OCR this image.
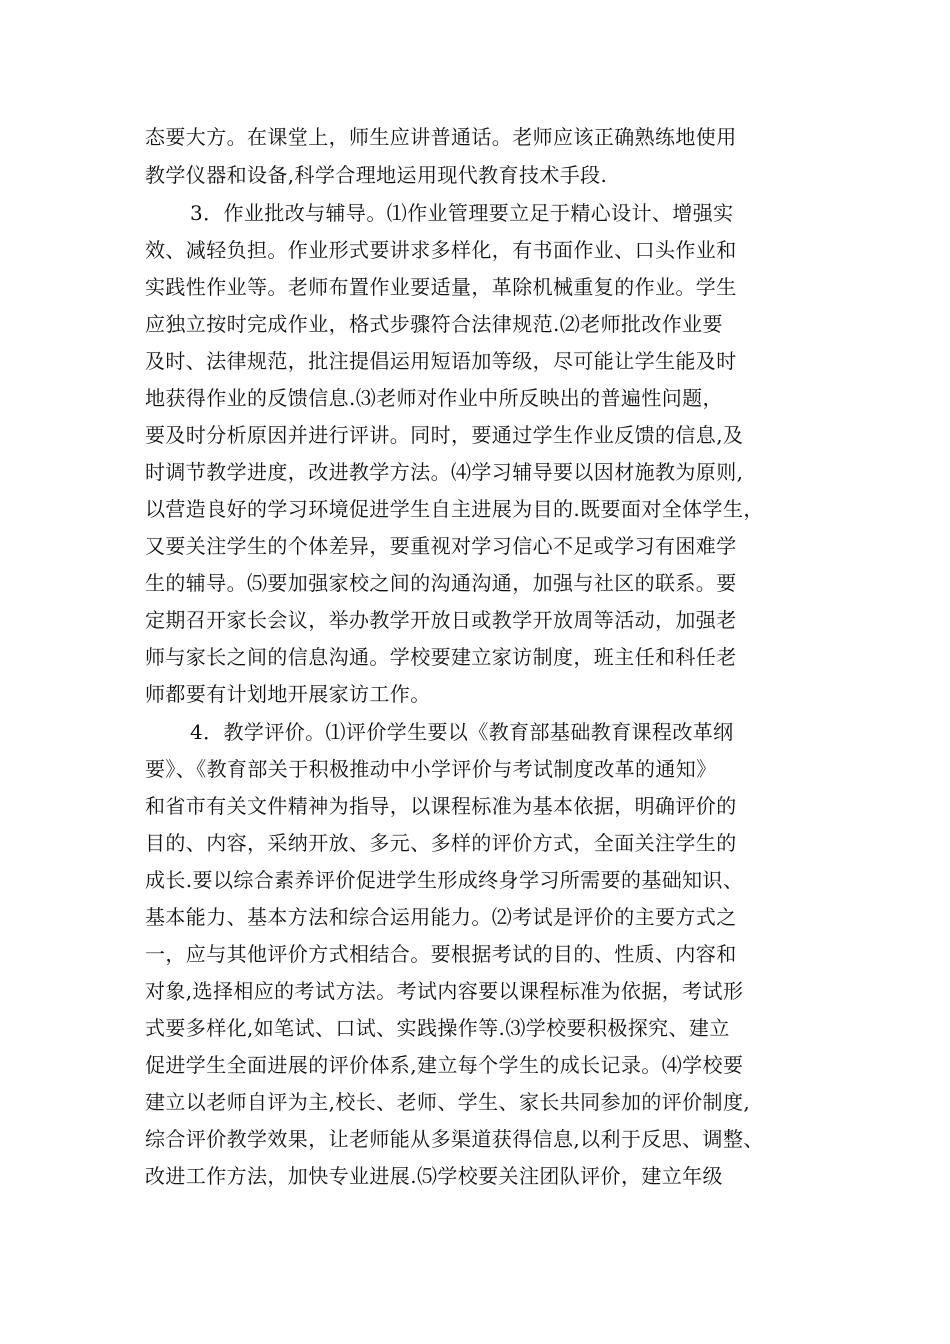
态要大方。在课堂上，师生应讲普通话。老师应该正确熟练地使用
教学仪器和设备,科学合理地运用现代教育技术手段.
3．作业批改与辅导。⑴作业管理要立足于精心设计、增强实
效、减轻负担。作业形式要讲求多样化，有书面作业、口头作业和
实践性作业等。老师布置作业要适量，革除机械重复的作业。学生
应独立按时完成作业，格式步骤符合法律规范.⑵老师批改作业要
及时、法律规范，批注提倡运用短语加等级，尽可能让学生能及时
地获得作业的反馈信息.⑶老师对作业中所反映出的普遍性问题，
要及时分析原因并进行评讲。同时，要通过学生作业反馈的信息,及
时调节教学进度，改进教学方法。⑷学习辅导要以因材施教为原则,
以营造良好的学习环境促进学生自主进展为目的.既要面对全体学生，
又要关注学生的个体差异，要重视对学习信心不足或学习有困难学
生的辅导。⑸要加强家校之间的沟通沟通，加强与社区的联系。要
定期召开家长会议，举办教学开放日或教学开放周等活动，加强老
师与家长之间的信息沟通。学校要建立家访制度，班主任和科任老
师都要有计划地开展家访工作。
4．教学评价。⑴评价学生要以《教育部基础教育课程改革纲
要》、《教育部关于积极推动中小学评价与考试制度改革的通知》
和省市有关文件精神为指导，以课程标准为基本依据，明确评价的
目的、内容，采纳开放、多元、多样的评价方式，全面关注学生的
成长.要以综合素养评价促进学生形成终身学习所需要的基础知识、
基本能力、基本方法和综合运用能力。⑵考试是评价的主要方式之
一，应与其他评价方式相结合。要根据考试的目的、性质、内容和
对象,选择相应的考试方法。考试内容要以课程标准为依据，考试形
式要多样化,如笔试、口试、实践操作等.⑶学校要积极探究、建立
促进学生全面进展的评价体系,建立每个学生的成长记录。⑷学校要
建立以老师自评为主,校长、老师、学生、家长共同参加的评价制度,
综合评价教学效果，让老师能从多渠道获得信息,以利于反思、调整、
改进工作方法，加快专业进展.⑸学校要关注团队评价，建立年级
